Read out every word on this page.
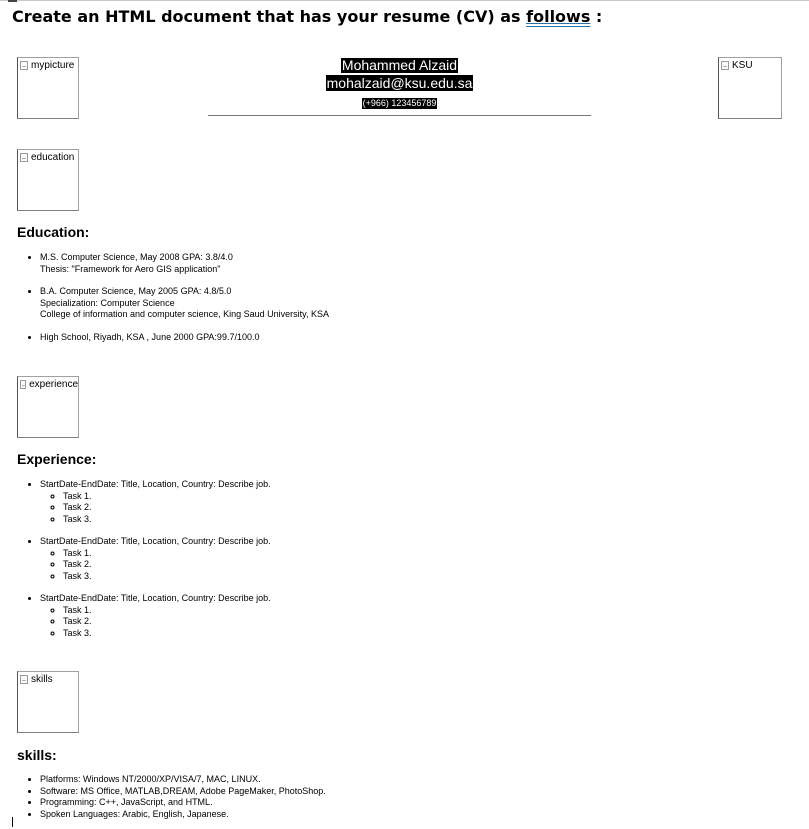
Create an HTML document that has your resume (CV) as follows :
mypicture	Mohammed Alzaid
mohalzaid@ksu.edu.sa
(+966) 123456789
KSU
education
Education:
• M.S. Computer Science, May 2008 GPA: 3.8/4.0
Thesis: "Framework for Aero GIS application"
• B.A. Computer Science, May 2005 GPA: 4.8/5.0
Specialization: Computer Science
College of information and computer science, King Saud University, KSA
• High School, Riyadh, KSA , June 2000 GPA:99.7/100.0
experience
Experience:
• StartDate-EndDate: Title, Location, Country: Describe job.
◦ Task 1.
◦ Task 2.
◦ Task 3.
• StartDate-EndDate: Title, Location, Country: Describe job.
◦ Task 1.
◦ Task 2.
◦ Task 3.
• StartDate-EndDate: Title, Location, Country: Describe job.
◦ Task 1.
◦ Task 2.
◦ Task 3.
skills
skills:
• Platforms: Windows NT/2000/XP/VISA/7, MAC, LINUX.
• Software: MS Office, MATLAB,DREAM, Adobe PageMaker, PhotoShop.
• Programming: C++, JavaScript, and HTML.
• Spoken Languages: Arabic, English, Japanese.
